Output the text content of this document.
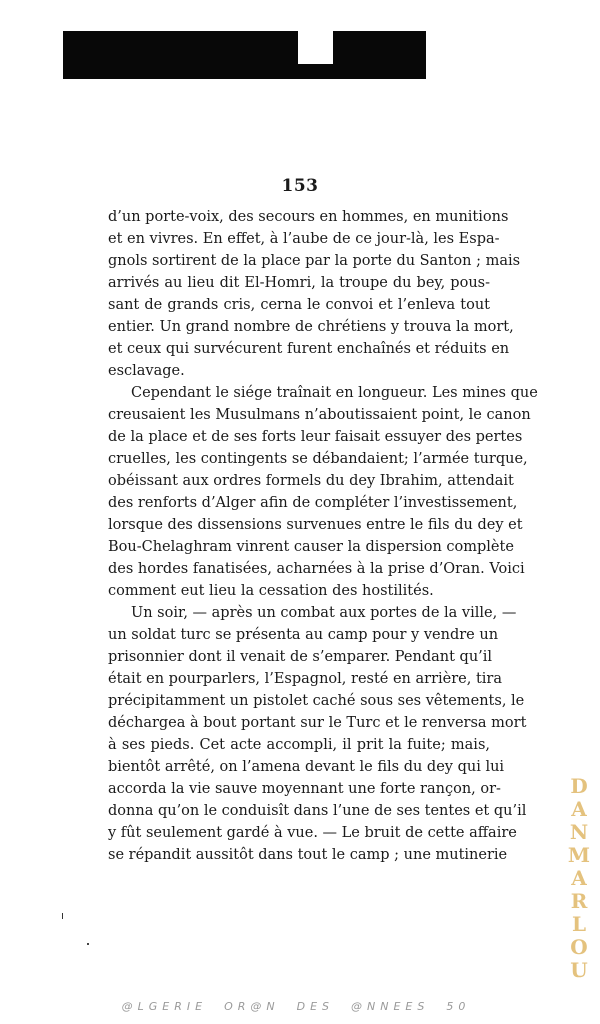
153
d’un porte-voix, des secours en hommes, en munitions
et en vivres. En effet, à l’aube de ce jour-là, les Espa-
gnols sortirent de la place par la porte du Santon ; mais
arrivés au lieu dit El-Homri, la troupe du bey, pous-
sant de grands cris, cerna le convoi et l’enleva tout
entier. Un grand nombre de chrétiens y trouva la mort,
et ceux qui survécurent furent enchaînés et réduits en
esclavage.
Cependant le siége traînait en longueur. Les mines que
creusaient les Musulmans n’aboutissaient point, le canon
de la place et de ses forts leur faisait essuyer des pertes
cruelles, les contingents se débandaient; l’armée turque,
obéissant aux ordres formels du dey Ibrahim, attendait
des renforts d’Alger afin de compléter l’investissement,
lorsque des dissensions survenues entre le fils du dey et
Bou-Chelaghram vinrent causer la dispersion complète
des hordes fanatisées, acharnées à la prise d’Oran. Voici
comment eut lieu la cessation des hostilités.
Un soir, — après un combat aux portes de la ville, —
un soldat turc se présenta au camp pour y vendre un
prisonnier dont il venait de s’emparer. Pendant qu’il
était en pourparlers, l’Espagnol, resté en arrière, tira
précipitamment un pistolet caché sous ses vêtements, le
déchargea à bout portant sur le Turc et le renversa mort
à ses pieds. Cet acte accompli, il prit la fuite; mais,
bientôt arrêté, on l’amena devant le fils du dey qui lui
accorda la vie sauve moyennant une forte rançon, or-
donna qu’on le conduisît dans l’une de ses tentes et qu’il
y fût seulement gardé à vue. — Le bruit de cette affaire
se répandit aussitôt dans tout le camp ; une mutinerie
D
A
N
M
A
R
L
O
U
@LGERIE  OR@N  DES  @NNEES  50
